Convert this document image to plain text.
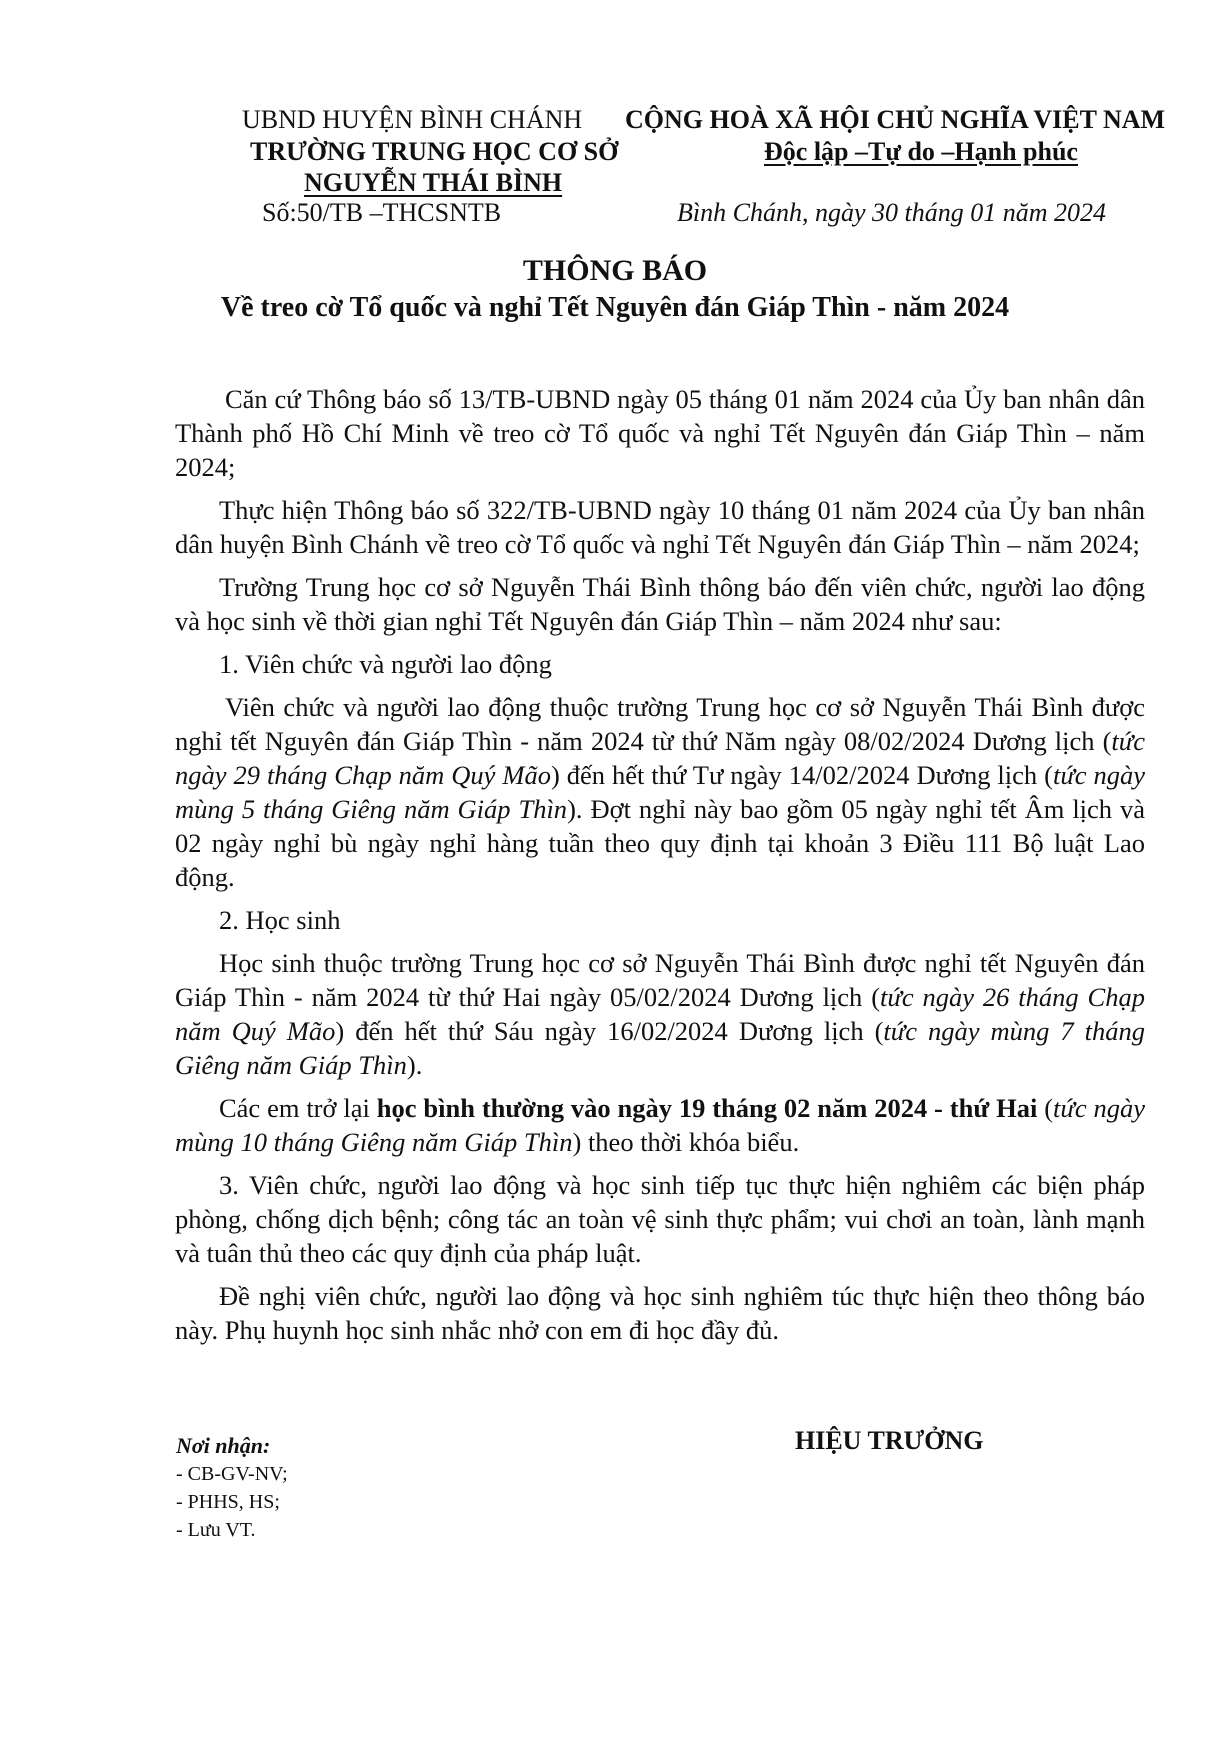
UBND HUYỆN BÌNH CHÁNH
TRƯỜNG TRUNG HỌC CƠ SỞ
NGUYỄN THÁI BÌNH
Số:50/TB –THCSNTB
CỘNG HOÀ XÃ HỘI CHỦ NGHĨA VIỆT NAM
Độc lập –Tự do –Hạnh phúc
Bình Chánh, ngày 30 tháng 01 năm 2024
THÔNG BÁO
Về treo cờ Tổ quốc và nghỉ Tết Nguyên đán Giáp Thìn - năm 2024

Căn cứ Thông báo số 13/TB-UBND ngày 05 tháng 01 năm 2024 của Ủy ban nhân dân Thành phố Hồ Chí Minh về treo cờ Tổ quốc và nghỉ Tết Nguyên đán Giáp Thìn – năm 2024;

Thực hiện Thông báo số 322/TB-UBND ngày 10 tháng 01 năm 2024 của Ủy ban nhân dân huyện Bình Chánh về treo cờ Tổ quốc và nghỉ Tết Nguyên đán Giáp Thìn – năm 2024;

Trường Trung học cơ sở Nguyễn Thái Bình thông báo đến viên chức, người lao động và học sinh về thời gian nghỉ Tết Nguyên đán Giáp Thìn – năm 2024 như sau:

1. Viên chức và người lao động

Viên chức và người lao động thuộc trường Trung học cơ sở Nguyễn Thái Bình được nghỉ tết Nguyên đán Giáp Thìn - năm 2024 từ thứ Năm ngày 08/02/2024 Dương lịch (tức ngày 29 tháng Chạp năm Quý Mão) đến hết thứ Tư ngày 14/02/2024 Dương lịch (tức ngày mùng 5 tháng Giêng năm Giáp Thìn). Đợt nghỉ này bao gồm 05 ngày nghỉ tết Âm lịch và 02 ngày nghỉ bù ngày nghỉ hàng tuần theo quy định tại khoản 3 Điều 111 Bộ luật Lao động.

2. Học sinh

Học sinh thuộc trường Trung học cơ sở Nguyễn Thái Bình được nghỉ tết Nguyên đán Giáp Thìn - năm 2024 từ thứ Hai ngày 05/02/2024 Dương lịch (tức ngày 26 tháng Chạp năm Quý Mão) đến hết thứ Sáu ngày 16/02/2024 Dương lịch (tức ngày mùng 7 tháng Giêng năm Giáp Thìn).

Các em trở lại học bình thường vào ngày 19 tháng 02 năm 2024 - thứ Hai (tức ngày mùng 10 tháng Giêng năm Giáp Thìn) theo thời khóa biểu.

3. Viên chức, người lao động và học sinh tiếp tục thực hiện nghiêm các biện pháp phòng, chống dịch bệnh; công tác an toàn vệ sinh thực phẩm; vui chơi an toàn, lành mạnh và tuân thủ theo các quy định của pháp luật.

Đề nghị viên chức, người lao động và học sinh nghiêm túc thực hiện theo thông báo này. Phụ huynh học sinh nhắc nhở con em đi học đầy đủ.

Nơi nhận:
- CB-GV-NV;
- PHHS, HS;
- Lưu VT.
HIỆU TRƯỞNG
